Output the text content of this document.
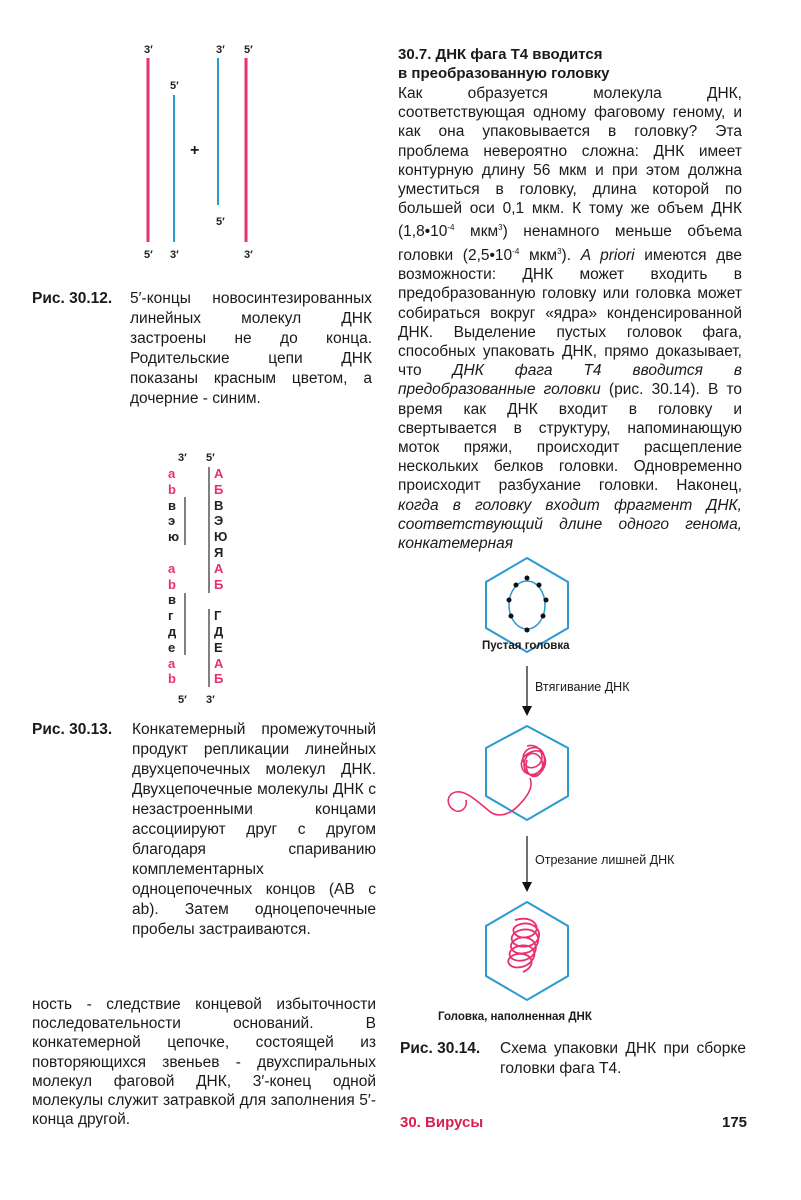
3′
5′
3′ 5′
5′ 3′
5′
3′
+
Рис. 30.12. 5′-концы новосинтезированных линейных молекул ДНК застроены не до конца. Родительские цепи ДНК показаны красным цветом, а дочерние - синим.
3′ 5′
5′ 3′
a
b
в
э
ю

a
b
в
г
д
е
a
b
А
Б
В
Э
Ю
Я
А
Б

Г
Д
Е
А
Б
Рис. 30.13. Конкатемерный промежуточный продукт репликации линейных двухцепочечных молекул ДНК. Двухцепочечные молекулы ДНК с незастроенными концами ассоциируют друг с другом благодаря спариванию комплементарных одноцепочечных концов (АВ с ab). Затем одноцепочечные пробелы застраиваются.
ность - следствие концевой избыточности последовательности оснований. В конкатемерной цепочке, состоящей из повторяющихся звеньев - двухспиральных молекул фаговой ДНК, 3′-конец одной молекулы служит затравкой для заполнения 5′-конца другой.
30.7. ДНК фага Т4 вводится
в преобразованную головку
Как образуется молекула ДНК, соответствующая одному фаговому геному, и как она упаковывается в головку? Эта проблема невероятно сложна: ДНК имеет контурную длину 56 мкм и при этом должна уместиться в головку, длина которой по большей оси 0,1 мкм. К тому же объем ДНК ($1,8•10^{-4}$ мкм$^3$) ненамного меньше объема головки ($2,5•10^{-4}$ мкм$^3$). A priori имеются две возможности: ДНК может входить в предобразованную головку или головка может собираться вокруг «ядра» конденсированной ДНК. Выделение пустых головок фага, способных упаковать ДНК, прямо доказывает, что ДНК фага Т4 вводится в предобразованные головки (рис. 30.14). В то время как ДНК входит в головку и свертывается в структуру, напоминающую моток пряжи, происходит расщепление нескольких белков головки. Одновременно происходит разбухание головки. Наконец, когда в головку входит фрагмент ДНК, соответствующий длине одного генома, конкатемерная
Пустая головка
Втягивание ДНК
Отрезание лишней ДНК
Головка, наполненная ДНК
Рис. 30.14. Схема упаковки ДНК при сборке головки фага Т4.
30. Вирусы	175
